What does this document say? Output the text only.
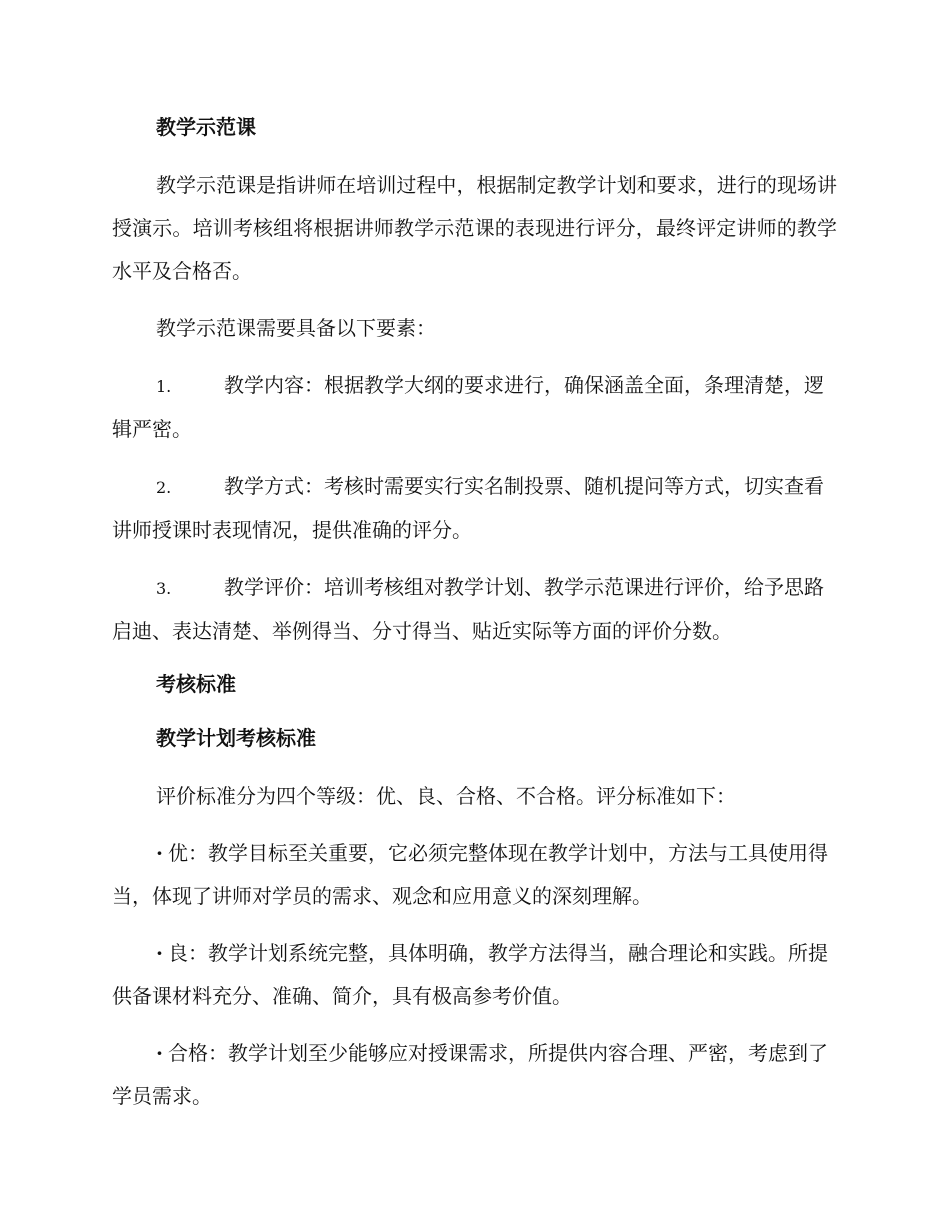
教学示范课
教学示范课是指讲师在培训过程中，根据制定教学计划和要求，进行的现场讲授演示。培训考核组将根据讲师教学示范课的表现进行评分，最终评定讲师的教学水平及合格否。
教学示范课需要具备以下要素：
1.	教学内容：根据教学大纲的要求进行，确保涵盖全面，条理清楚，逻辑严密。
2.	教学方式：考核时需要实行实名制投票、随机提问等方式，切实查看讲师授课时表现情况，提供准确的评分。
3.	教学评价：培训考核组对教学计划、教学示范课进行评价，给予思路启迪、表达清楚、举例得当、分寸得当、贴近实际等方面的评价分数。
考核标准
教学计划考核标准
评价标准分为四个等级：优、良、合格、不合格。评分标准如下：
· 优：教学目标至关重要，它必须完整体现在教学计划中，方法与工具使用得当，体现了讲师对学员的需求、观念和应用意义的深刻理解。
· 良：教学计划系统完整，具体明确，教学方法得当，融合理论和实践。所提供备课材料充分、准确、简介，具有极高参考价值。
· 合格：教学计划至少能够应对授课需求，所提供内容合理、严密，考虑到了学员需求。
